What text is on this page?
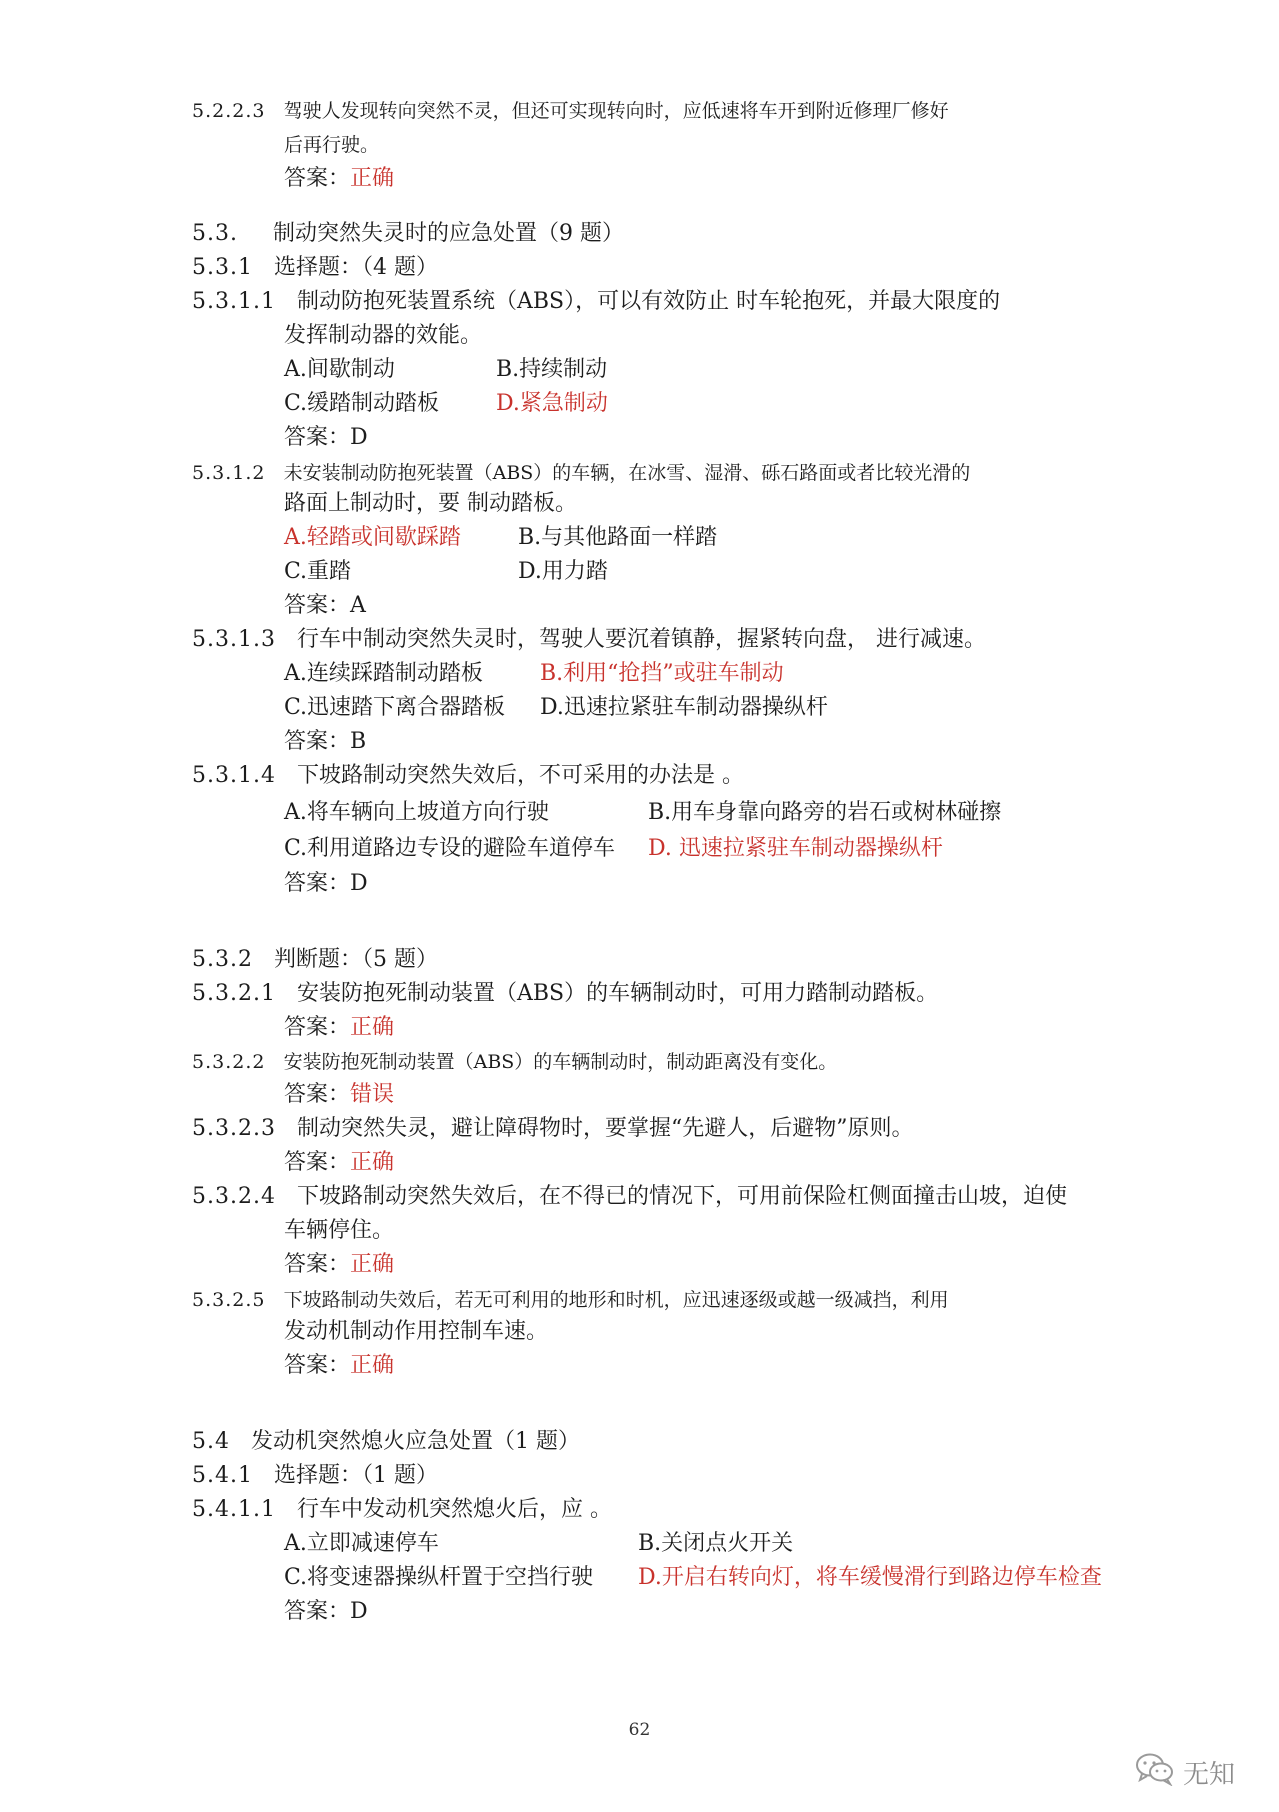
5.2.2.3 驾驶人发现转向突然不灵，但还可实现转向时，应低速将车开到附近修理厂修好
后再行驶。
答案：正确
5.3. 制动突然失灵时的应急处置（9 题）
5.3.1 选择题：（4 题）
5.3.1.1 制动防抱死装置系统（ABS），可以有效防止 时车轮抱死，并最大限度的
发挥制动器的效能。
A.间歇制动	B.持续制动
C.缓踏制动踏板	D.紧急制动
答案：D
5.3.1.2 未安装制动防抱死装置（ABS）的车辆，在冰雪、湿滑、砾石路面或者比较光滑的
路面上制动时，要 制动踏板。
A.轻踏或间歇踩踏	B.与其他路面一样踏
C.重踏	D.用力踏
答案：A
5.3.1.3 行车中制动突然失灵时，驾驶人要沉着镇静，握紧转向盘， 进行减速。
A.连续踩踏制动踏板	B.利用“抢挡”或驻车制动
C.迅速踏下离合器踏板 D.迅速拉紧驻车制动器操纵杆
答案：B
5.3.1.4 下坡路制动突然失效后，不可采用的办法是 。
A.将车辆向上坡道方向行驶	B.用车身靠向路旁的岩石或树林碰擦
C.利用道路边专设的避险车道停车 D. 迅速拉紧驻车制动器操纵杆
答案：D
5.3.2 判断题：（5 题）
5.3.2.1 安装防抱死制动装置（ABS）的车辆制动时，可用力踏制动踏板。
答案：正确
5.3.2.2 安装防抱死制动装置（ABS）的车辆制动时，制动距离没有变化。
答案：错误
5.3.2.3 制动突然失灵，避让障碍物时，要掌握“先避人，后避物”原则。
答案：正确
5.3.2.4 下坡路制动突然失效后，在不得已的情况下，可用前保险杠侧面撞击山坡，迫使
车辆停住。
答案：正确
5.3.2.5 下坡路制动失效后，若无可利用的地形和时机，应迅速逐级或越一级减挡，利用
发动机制动作用控制车速。
答案：正确
5.4 发动机突然熄火应急处置（1 题）
5.4.1 选择题：（1 题）
5.4.1.1 行车中发动机突然熄火后，应 。
A.立即减速停车	B.关闭点火开关
C.将变速器操纵杆置于空挡行驶 D.开启右转向灯，将车缓慢滑行到路边停车检查
答案：D
62
无知
